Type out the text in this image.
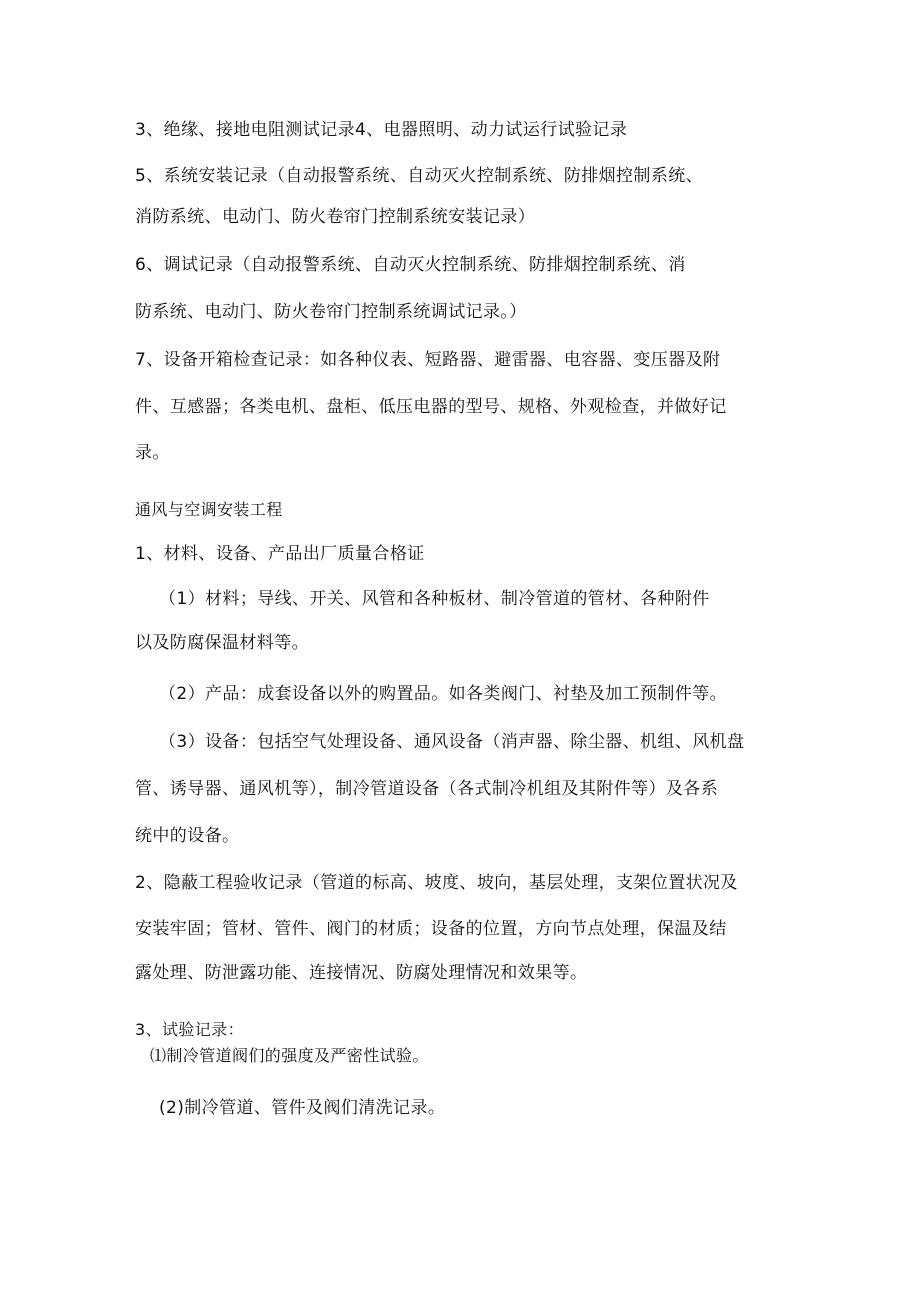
3、绝缘、接地电阻测试记录4、电器照明、动力试运行试验记录
5、系统安装记录（自动报警系统、自动灭火控制系统、防排烟控制系统、
消防系统、电动门、防火卷帘门控制系统安装记录）
6、调试记录（自动报警系统、自动灭火控制系统、防排烟控制系统、消
防系统、电动门、防火卷帘门控制系统调试记录。）
7、设备开箱检查记录：如各种仪表、短路器、避雷器、电容器、变压器及附
件、互感器；各类电机、盘柜、低压电器的型号、规格、外观检查，并做好记
录。
通风与空调安装工程
1、材料、设备、产品出厂质量合格证
（1）材料；导线、开关、风管和各种板材、制冷管道的管材、各种附件
以及防腐保温材料等。
（2）产品：成套设备以外的购置品。如各类阀门、衬垫及加工预制件等。
（3）设备：包括空气处理设备、通风设备（消声器、除尘器、机组、风机盘
管、诱导器、通风机等），制冷管道设备（各式制冷机组及其附件等）及各系
统中的设备。
2、隐蔽工程验收记录（管道的标高、坡度、坡向，基层处理，支架位置状况及
安装牢固；管材、管件、阀门的材质；设备的位置，方向节点处理，保温及结
露处理、防泄露功能、连接情况、防腐处理情况和效果等。
3、试验记录：
⑴制冷管道阀们的强度及严密性试验。
(2)制冷管道、管件及阀们清洗记录。
